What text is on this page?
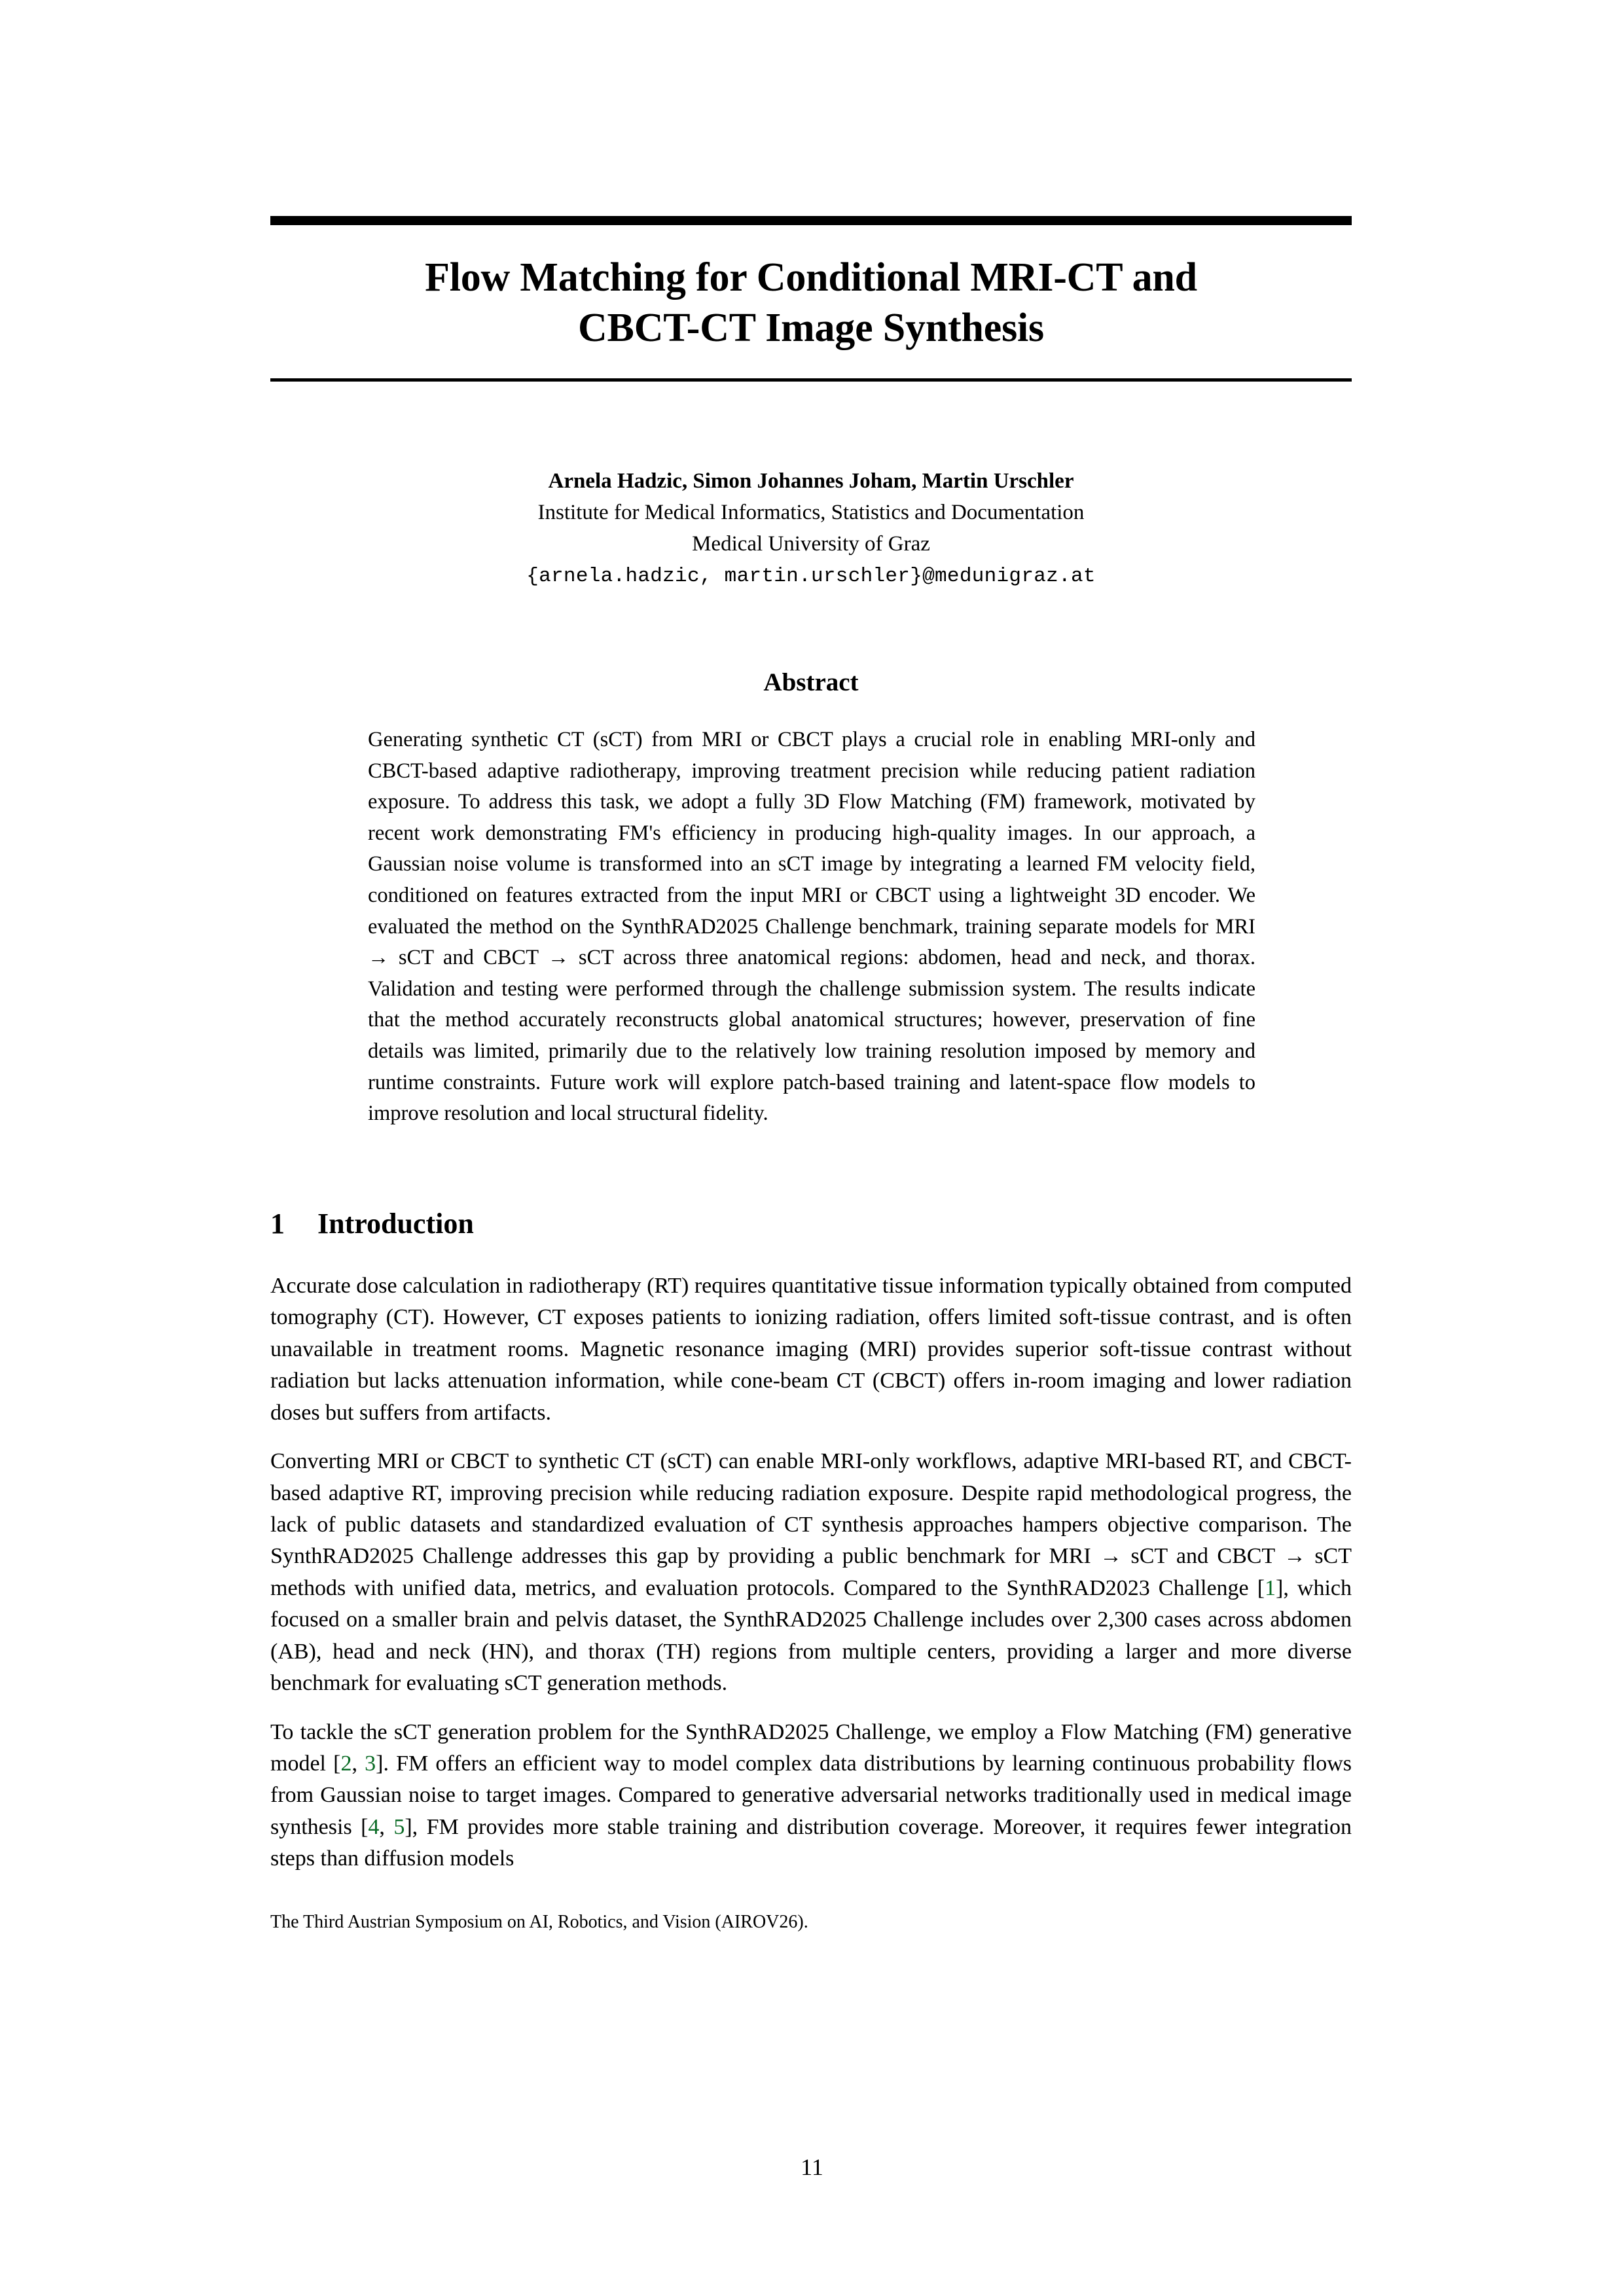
Flow Matching for Conditional MRI-CT and
CBCT-CT Image Synthesis
Arnela Hadzic, Simon Johannes Joham, Martin Urschler
Institute for Medical Informatics, Statistics and Documentation
Medical University of Graz
{arnela.hadzic, martin.urschler}@medunigraz.at
Abstract
Generating synthetic CT (sCT) from MRI or CBCT plays a crucial role in enabling MRI-only and CBCT-based adaptive radiotherapy, improving treatment precision while reducing patient radiation exposure. To address this task, we adopt a fully 3D Flow Matching (FM) framework, motivated by recent work demonstrating FM's efficiency in producing high-quality images. In our approach, a Gaussian noise volume is transformed into an sCT image by integrating a learned FM velocity field, conditioned on features extracted from the input MRI or CBCT using a lightweight 3D encoder. We evaluated the method on the SynthRAD2025 Challenge benchmark, training separate models for MRI → sCT and CBCT → sCT across three anatomical regions: abdomen, head and neck, and thorax. Validation and testing were performed through the challenge submission system. The results indicate that the method accurately reconstructs global anatomical structures; however, preservation of fine details was limited, primarily due to the relatively low training resolution imposed by memory and runtime constraints. Future work will explore patch-based training and latent-space flow models to improve resolution and local structural fidelity.
1 Introduction

Accurate dose calculation in radiotherapy (RT) requires quantitative tissue information typically obtained from computed tomography (CT). However, CT exposes patients to ionizing radiation, offers limited soft-tissue contrast, and is often unavailable in treatment rooms. Magnetic resonance imaging (MRI) provides superior soft-tissue contrast without radiation but lacks attenuation information, while cone-beam CT (CBCT) offers in-room imaging and lower radiation doses but suffers from artifacts.

Converting MRI or CBCT to synthetic CT (sCT) can enable MRI-only workflows, adaptive MRI-based RT, and CBCT-based adaptive RT, improving precision while reducing radiation exposure. Despite rapid methodological progress, the lack of public datasets and standardized evaluation of CT synthesis approaches hampers objective comparison. The SynthRAD2025 Challenge addresses this gap by providing a public benchmark for MRI → sCT and CBCT → sCT methods with unified data, metrics, and evaluation protocols. Compared to the SynthRAD2023 Challenge [1], which focused on a smaller brain and pelvis dataset, the SynthRAD2025 Challenge includes over 2,300 cases across abdomen (AB), head and neck (HN), and thorax (TH) regions from multiple centers, providing a larger and more diverse benchmark for evaluating sCT generation methods.

To tackle the sCT generation problem for the SynthRAD2025 Challenge, we employ a Flow Matching (FM) generative model [2, 3]. FM offers an efficient way to model complex data distributions by learning continuous probability flows from Gaussian noise to target images. Compared to generative adversarial networks traditionally used in medical image synthesis [4, 5], FM provides more stable training and distribution coverage. Moreover, it requires fewer integration steps than diffusion models

The Third Austrian Symposium on AI, Robotics, and Vision (AIROV26).
11
